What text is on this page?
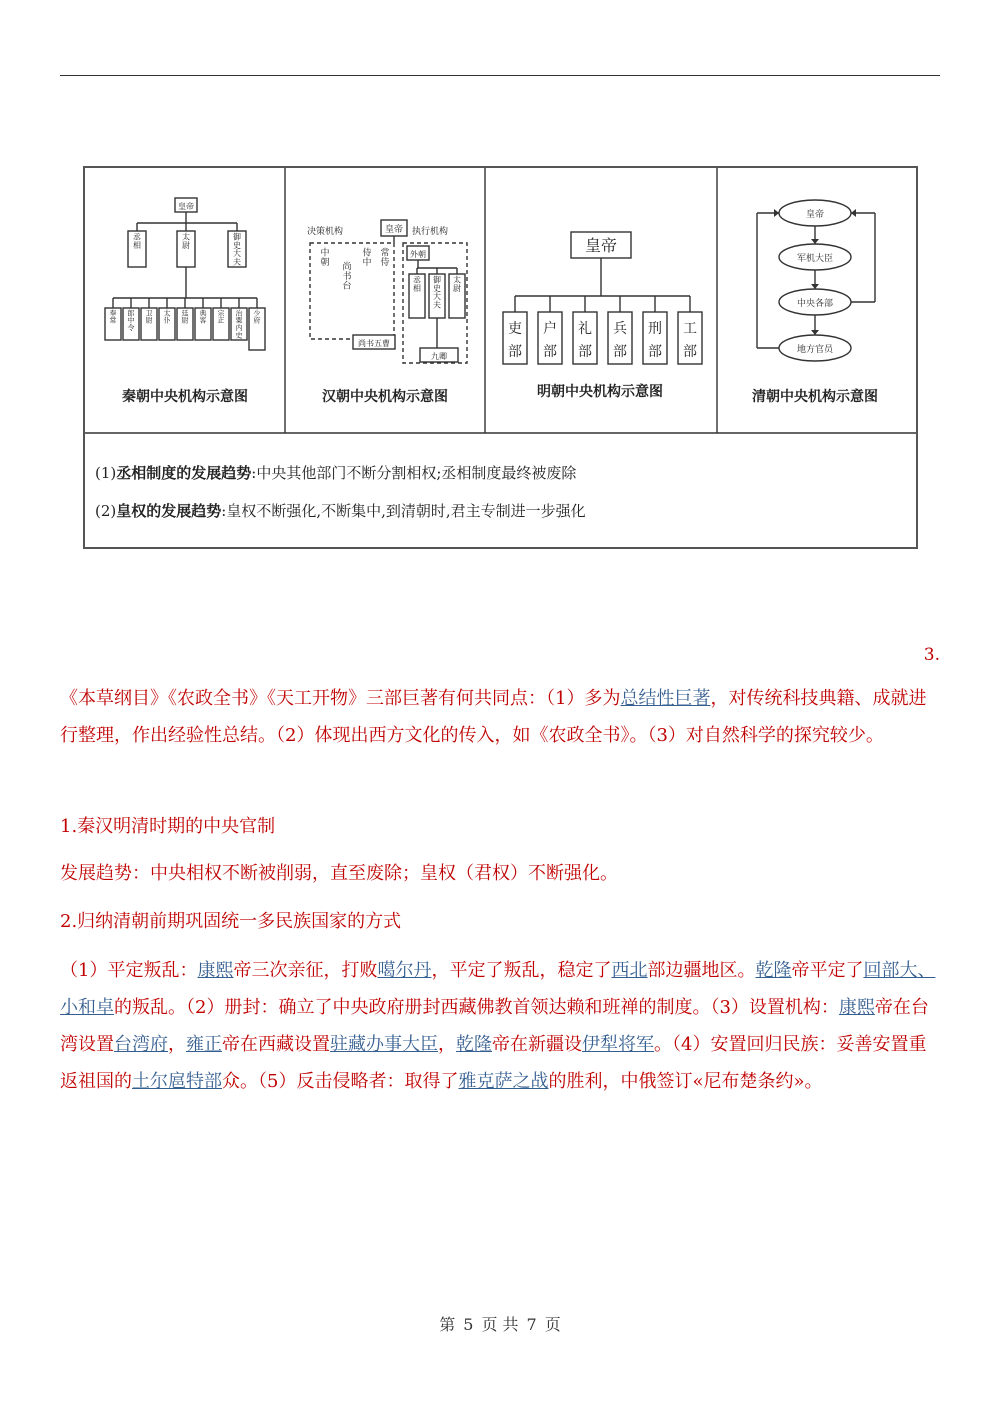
皇帝
丞
相
太
尉
御
史
大
夫
奉
常
郎
中
令
卫
尉
太
仆
廷
尉
典
客
宗
正
治
粟
内
史
少
府
秦朝中央机构示意图
决策机构	执行机构
皇帝
中
朝 尚
书
台
侍
中
常
侍
外朝
丞
相
御
史
大
夫
太
尉
尚书五曹
九卿
汉朝中央机构示意图
皇帝
吏
部
户
部
礼
部
兵
部
刑
部
工
部
明朝中央机构示意图
皇帝
军机大臣
中央各部
地方官员
清朝中央机构示意图
(1)丞相制度的发展趋势:中央其他部门不断分割相权;丞相制度最终被废除
(2)皇权的发展趋势:皇权不断强化,不断集中,到清朝时,君主专制进一步强化
3.
《本草纲目》《农政全书》《天工开物》三部巨著有何共同点：（1）多为总结性巨著，对传统科技典籍、成就进行整理，作出经验性总结。（2）体现出西方文化的传入，如《农政全书》。（3）对自然科学的探究较少。
1.秦汉明清时期的中央官制
发展趋势：中央相权不断被削弱，直至废除；皇权（君权）不断强化。
2.归纳清朝前期巩固统一多民族国家的方式
（1）平定叛乱：康熙帝三次亲征，打败噶尔丹，平定了叛乱，稳定了西北部边疆地区。乾隆帝平定了回部大、小和卓的叛乱。（2）册封：确立了中央政府册封西藏佛教首领达赖和班禅的制度。（3）设置机构：康熙帝在台湾设置台湾府，雍正帝在西藏设置驻藏办事大臣，乾隆帝在新疆设伊犁将军。（4）安置回归民族：妥善安置重返祖国的土尔扈特部众。（5）反击侵略者：取得了雅克萨之战的胜利，中俄签订«尼布楚条约»。
第 5 页 共 7 页
